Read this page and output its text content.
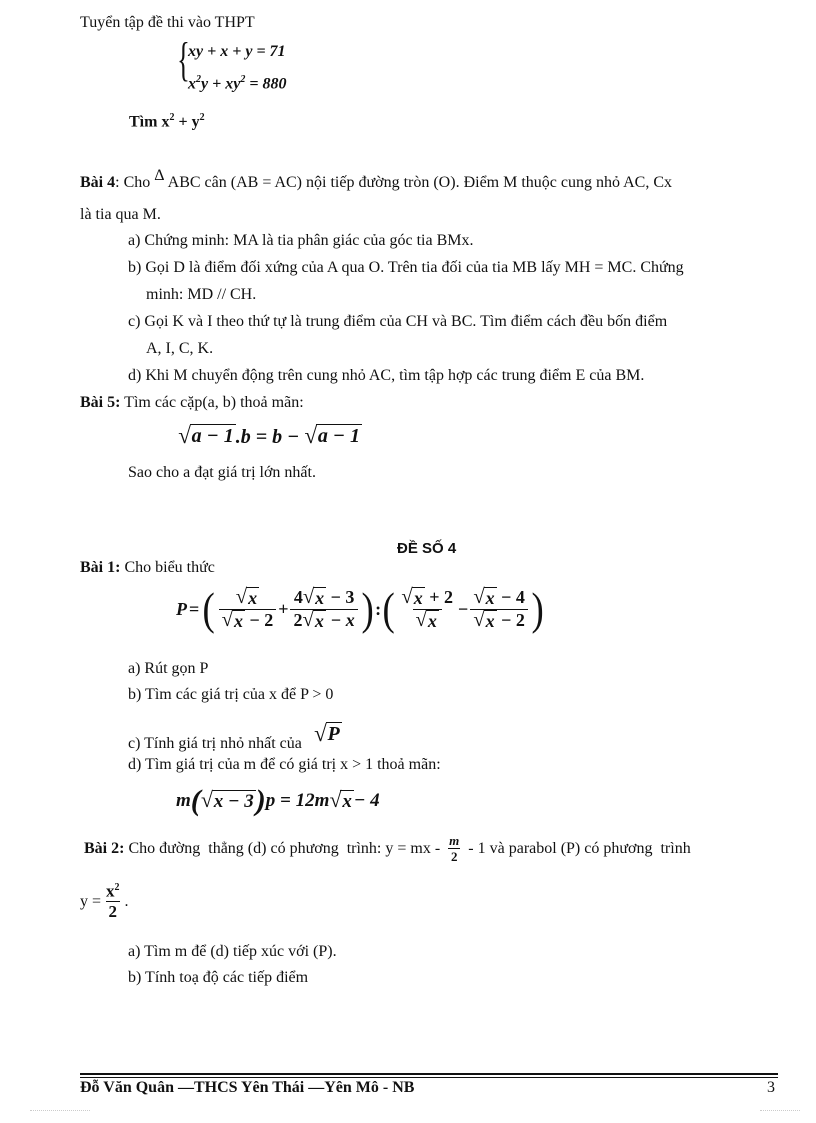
Tuyển tập đề thi vào THPT
{
xy + x + y = 71
$x^2y + xy^2 = 880$
Tìm $x^2 + y^2$
Bài 4: Cho Δ ABC cân (AB = AC) nội tiếp đường tròn (O). Điểm M thuộc cung nhỏ AC, Cx
là tia qua M.
a) Chứng minh: MA là tia phân giác của góc tia BMx.
b) Gọi D là điểm đối xứng của A qua O. Trên tia đối của tia MB lấy MH = MC. Chứng
minh: MD // CH.
c) Gọi K và I theo thứ tự là trung điểm của CH và BC. Tìm điểm cách đều bốn điểm
A, I, C, K.
d) Khi M chuyển động trên cung nhỏ AC, tìm tập hợp các trung điểm E của BM.
Bài 5: Tìm các cặp(a, b) thoả mãn:
√ a − 1 .b = b − √ a − 1
Sao cho a đạt giá trị lớn nhất.
ĐỀ SỐ 4
Bài 1: Cho biểu thức
P = ( $\frac{√ x}{√ x - 2} + \frac{4 √ x - 3}{2 √ x - x}$ ) : ( $\frac{√ x + 2}{√ x} - \frac{√ x - 4}{√ x - 2}$ )
a) Rút gọn P
b) Tìm các giá trị của x để P > 0
c) Tính giá trị nhỏ nhất của √ P
d) Tìm giá trị của m để có giá trị x > 1 thoả mãn:
m ( √ x − 3 ) p = 12m √ x − 4
Bài 2: Cho đường  thẳng (d) có phương  trình: y = mx - $\frac{m}{2} - 1$ và parabol (P) có phương  trình
$y = \frac{x^2}{2}$ .
a) Tìm m để (d) tiếp xúc với (P).
b) Tính toạ độ các tiếp điểm
Đỗ Văn Quân —THCS Yên Thái —Yên Mô - NB	3
